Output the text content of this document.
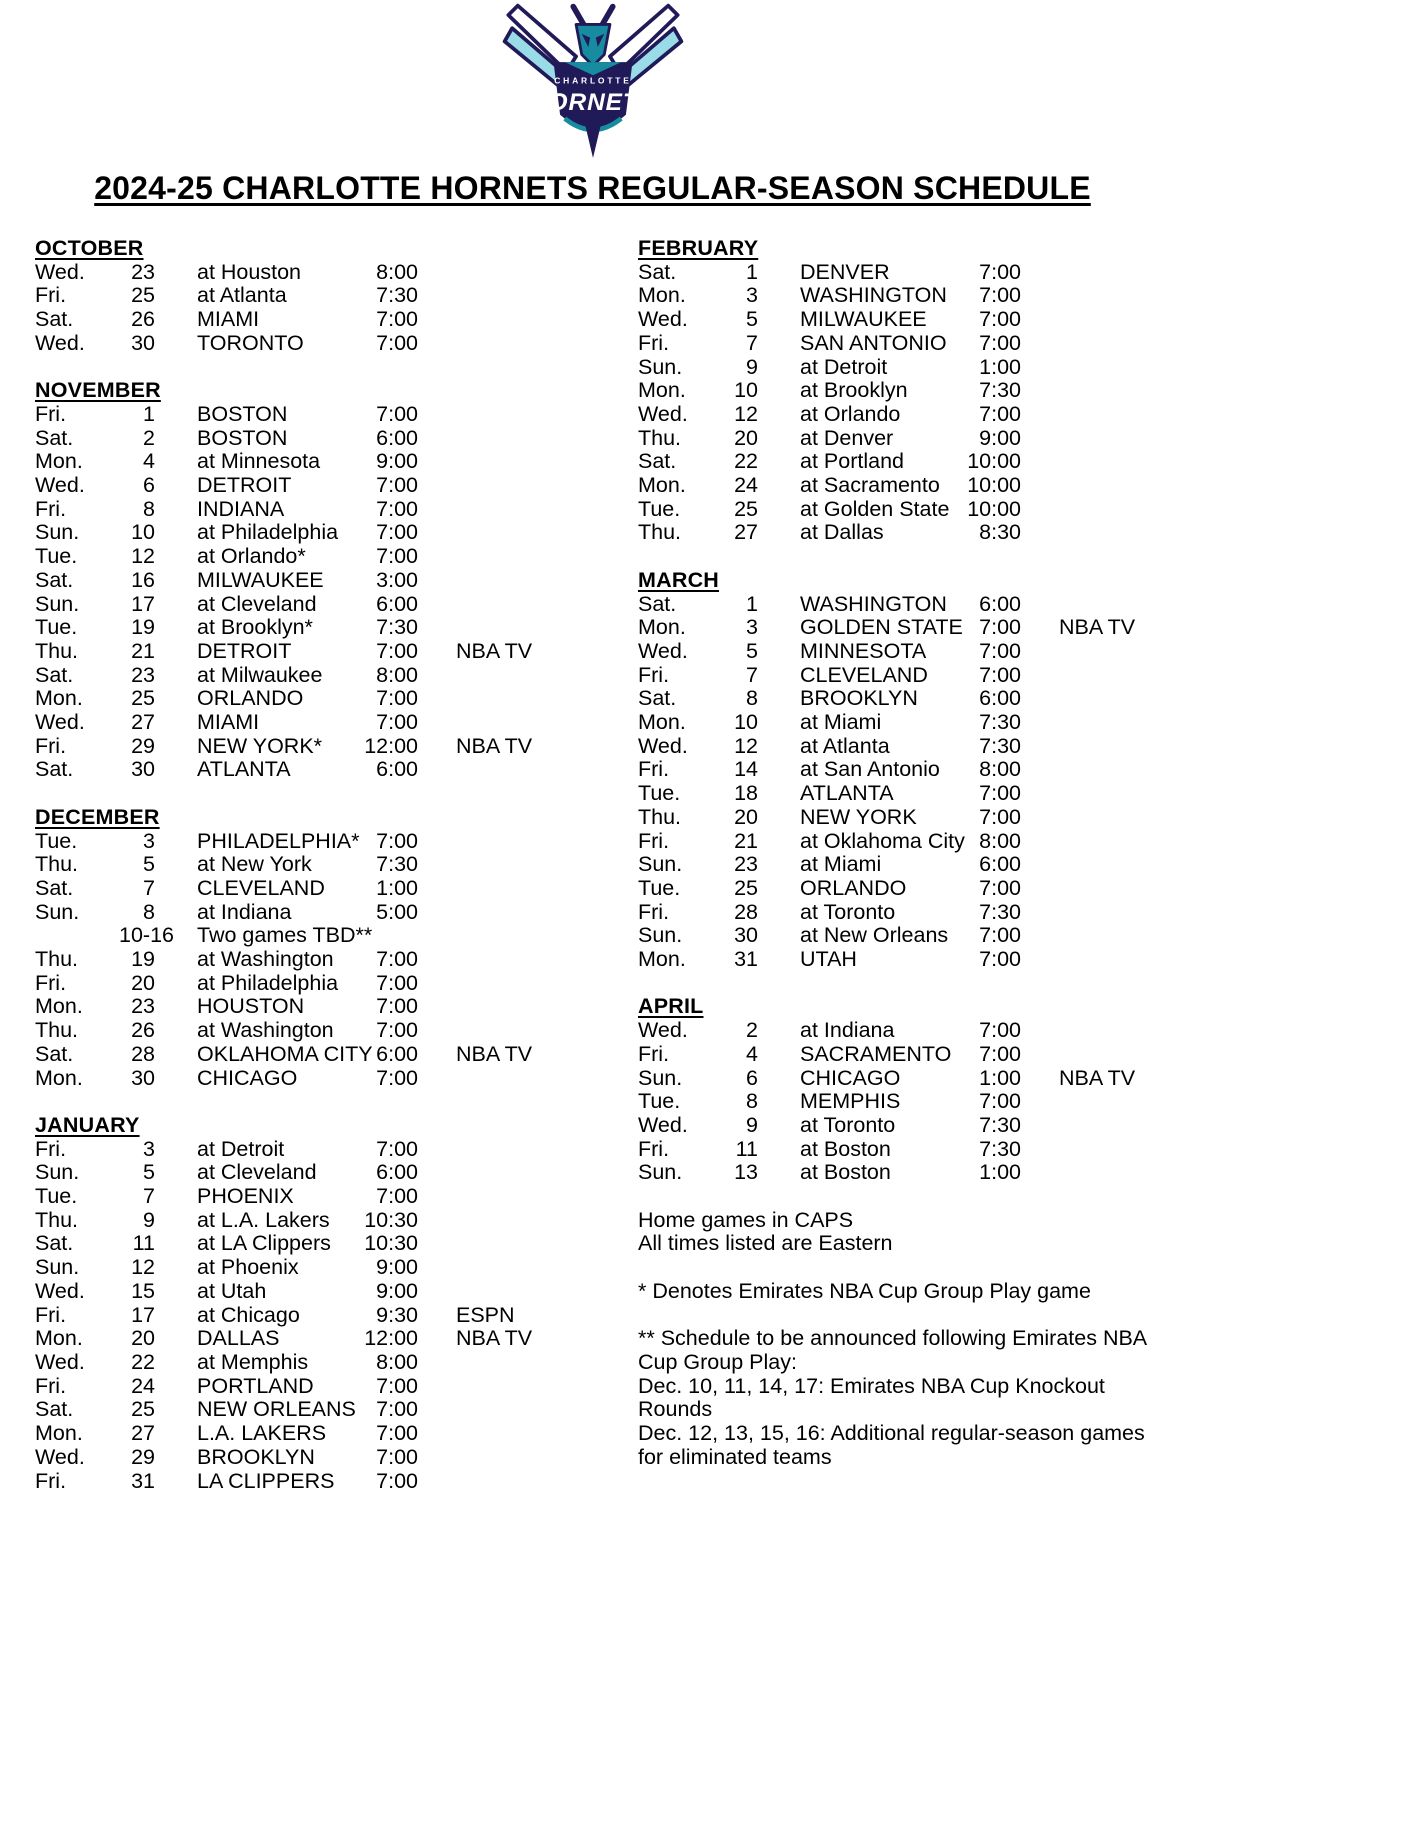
CHARLOTTE
HORNETS
2024-25 CHARLOTTE HORNETS REGULAR-SEASON SCHEDULE
OCTOBER
Wed.	23 at Houston	8:00
Fri.	25 at Atlanta	7:30
Sat.	26 MIAMI	7:00
Wed.	30 TORONTO	7:00
NOVEMBER
Fri.	1 BOSTON	7:00
Sat.	2 BOSTON	6:00
Mon.	4 at Minnesota	9:00
Wed.	6 DETROIT	7:00
Fri.	8 INDIANA	7:00
Sun.	10 at Philadelphia	7:00
Tue.	12 at Orlando*	7:00
Sat.	16 MILWAUKEE	3:00
Sun.	17 at Cleveland	6:00
Tue.	19 at Brooklyn*	7:30
Thu.	21 DETROIT	7:00 NBA TV
Sat.	23 at Milwaukee	8:00
Mon.	25 ORLANDO	7:00
Wed.	27 MIAMI	7:00
Fri.	29 NEW YORK*	12:00 NBA TV
Sat.	30 ATLANTA	6:00
DECEMBER
Tue.	3 PHILADELPHIA* 7:00
Thu.	5 at New York	7:30
Sat.	7 CLEVELAND	1:00
Sun.	8 at Indiana	5:00
10-16 Two games TBD**
Thu.	19 at Washington	7:00
Fri.	20 at Philadelphia	7:00
Mon.	23 HOUSTON	7:00
Thu.	26 at Washington	7:00
Sat.	28 OKLAHOMA CITY 6:00 NBA TV
Mon.	30 CHICAGO	7:00
JANUARY
Fri.	3 at Detroit	7:00
Sun.	5 at Cleveland	6:00
Tue.	7 PHOENIX	7:00
Thu.	9 at L.A. Lakers	10:30
Sat.	11 at LA Clippers	10:30
Sun.	12 at Phoenix	9:00
Wed.	15 at Utah	9:00
Fri.	17 at Chicago	9:30 ESPN
Mon.	20 DALLAS	12:00 NBA TV
Wed.	22 at Memphis	8:00
Fri.	24 PORTLAND	7:00
Sat.	25 NEW ORLEANS 7:00
Mon.	27 L.A. LAKERS	7:00
Wed.	29 BROOKLYN	7:00
Fri.	31 LA CLIPPERS	7:00
FEBRUARY
Sat.	1 DENVER	7:00
Mon.	3 WASHINGTON	7:00
Wed.	5 MILWAUKEE	7:00
Fri.	7 SAN ANTONIO	7:00
Sun.	9 at Detroit	1:00
Mon.	10 at Brooklyn	7:30
Wed.	12 at Orlando	7:00
Thu.	20 at Denver	9:00
Sat.	22 at Portland	10:00
Mon.	24 at Sacramento	10:00
Tue.	25 at Golden State 10:00
Thu.	27 at Dallas	8:30
MARCH
Sat.	1 WASHINGTON	6:00
Mon.	3 GOLDEN STATE 7:00 NBA TV
Wed.	5 MINNESOTA	7:00
Fri.	7 CLEVELAND	7:00
Sat.	8 BROOKLYN	6:00
Mon.	10 at Miami	7:30
Wed.	12 at Atlanta	7:30
Fri.	14 at San Antonio	8:00
Tue.	18 ATLANTA	7:00
Thu.	20 NEW YORK	7:00
Fri.	21 at Oklahoma City 8:00
Sun.	23 at Miami	6:00
Tue.	25 ORLANDO	7:00
Fri.	28 at Toronto	7:30
Sun.	30 at New Orleans	7:00
Mon.	31 UTAH	7:00
APRIL
Wed.	2 at Indiana	7:00
Fri.	4 SACRAMENTO	7:00
Sun.	6 CHICAGO	1:00 NBA TV
Tue.	8 MEMPHIS	7:00
Wed.	9 at Toronto	7:30
Fri.	11 at Boston	7:30
Sun.	13 at Boston	1:00
Home games in CAPS
All times listed are Eastern
* Denotes Emirates NBA Cup Group Play game
** Schedule to be announced following Emirates NBA Cup Group Play:
Dec. 10, 11, 14, 17: Emirates NBA Cup Knockout Rounds
Dec. 12, 13, 15, 16: Additional regular-season games for eliminated teams
